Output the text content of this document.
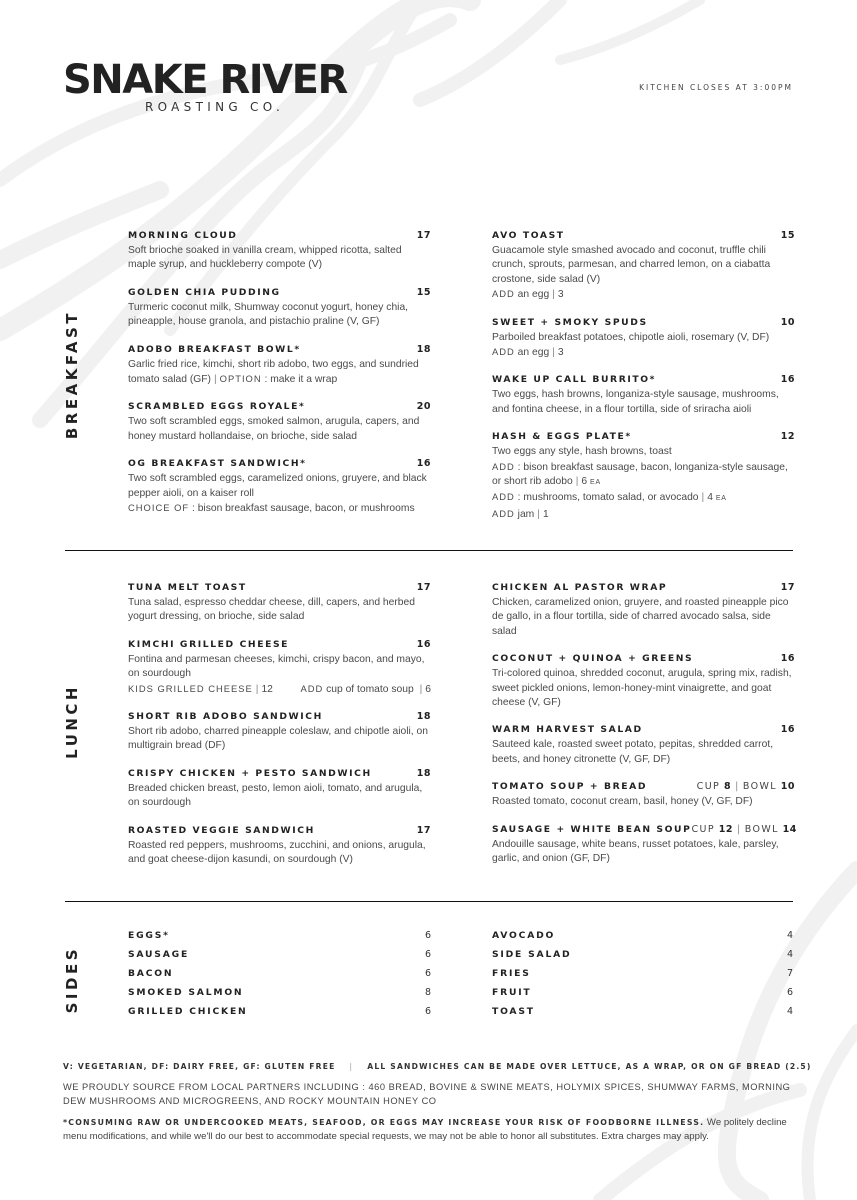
SNAKE RIVER
ROASTING CO.
KITCHEN CLOSES AT 3:00PM
BREAKFAST
MORNING CLOUD	17
Soft brioche soaked in vanilla cream, whipped ricotta, salted maple syrup, and huckleberry compote (V)
GOLDEN CHIA PUDDING	15
Turmeric coconut milk, Shumway coconut yogurt, honey chia, pineapple, house granola, and pistachio praline (V, GF)
ADOBO BREAKFAST BOWL*	18
Garlic fried rice, kimchi, short rib adobo, two eggs, and sundried tomato salad (GF) | OPTION : make it a wrap
SCRAMBLED EGGS ROYALE*	20
Two soft scrambled eggs, smoked salmon, arugula, capers, and honey mustard hollandaise, on brioche, side salad
OG BREAKFAST SANDWICH*	16
Two soft scrambled eggs, caramelized onions, gruyere, and black pepper aioli, on a kaiser roll
CHOICE OF : bison breakfast sausage, bacon, or mushrooms
AVO TOAST	15
Guacamole style smashed avocado and coconut, truffle chili crunch, sprouts, parmesan, and charred lemon, on a ciabatta crostone, side salad (V)
ADD an egg | 3
SWEET + SMOKY SPUDS	10
Parboiled breakfast potatoes, chipotle aioli, rosemary (V, DF)
ADD an egg | 3
WAKE UP CALL BURRITO*	16
Two eggs, hash browns, longaniza-style sausage, mushrooms, and fontina cheese, in a flour tortilla, side of sriracha aioli
HASH & EGGS PLATE*	12
Two eggs any style, hash browns, toast
ADD : bison breakfast sausage, bacon, longaniza-style sausage, or short rib adobo | 6 EA
ADD : mushrooms, tomato salad, or avocado | 4 EA
ADD jam | 1
LUNCH
TUNA MELT TOAST	17
Tuna salad, espresso cheddar cheese, dill, capers, and herbed yogurt dressing, on brioche, side salad
KIMCHI GRILLED CHEESE	16
Fontina and parmesan cheeses, kimchi, crispy bacon, and mayo, on sourdough
KIDS GRILLED CHEESE | 12	ADD cup of tomato soup | 6
SHORT RIB ADOBO SANDWICH	18
Short rib adobo, charred pineapple coleslaw, and chipotle aioli, on multigrain bread (DF)
CRISPY CHICKEN + PESTO SANDWICH	18
Breaded chicken breast, pesto, lemon aioli, tomato, and arugula, on sourdough
ROASTED VEGGIE SANDWICH	17
Roasted red peppers, mushrooms, zucchini, and onions, arugula, and goat cheese-dijon kasundi, on sourdough (V)
CHICKEN AL PASTOR WRAP	17
Chicken, caramelized onion, gruyere, and roasted pineapple pico de gallo, in a flour tortilla, side of charred avocado salsa, side salad
COCONUT + QUINOA + GREENS	16
Tri-colored quinoa, shredded coconut, arugula, spring mix, radish, sweet pickled onions, lemon-honey-mint vinaigrette, and goat cheese (V, GF)
WARM HARVEST SALAD	16
Sauteed kale, roasted sweet potato, pepitas, shredded carrot, beets, and honey citronette (V, GF, DF)
TOMATO SOUP + BREAD	CUP 8 | BOWL 10
Roasted tomato, coconut cream, basil, honey (V, GF, DF)
SAUSAGE + WHITE BEAN SOUP CUP 12 | BOWL 14
Andouille sausage, white beans, russet potatoes, kale, parsley, garlic, and onion (GF, DF)
SIDES
EGGS*	6
SAUSAGE	6
BACON	6
SMOKED SALMON	8
GRILLED CHICKEN	6
AVOCADO	4
SIDE SALAD	4
FRIES	7
FRUIT	6
TOAST	4
V: VEGETARIAN, DF: DAIRY FREE, GF: GLUTEN FREE | ALL SANDWICHES CAN BE MADE OVER LETTUCE, AS A WRAP, OR ON GF BREAD (2.5)
WE PROUDLY SOURCE FROM LOCAL PARTNERS INCLUDING : 460 BREAD, BOVINE & SWINE MEATS, HOLYMIX SPICES, SHUMWAY FARMS, MORNING DEW MUSHROOMS AND MICROGREENS, AND ROCKY MOUNTAIN HONEY CO
*CONSUMING RAW OR UNDERCOOKED MEATS, SEAFOOD, OR EGGS MAY INCREASE YOUR RISK OF FOODBORNE ILLNESS. We politely decline menu modifications, and while we'll do our best to accommodate special requests, we may not be able to honor all substitutes. Extra charges may apply.
